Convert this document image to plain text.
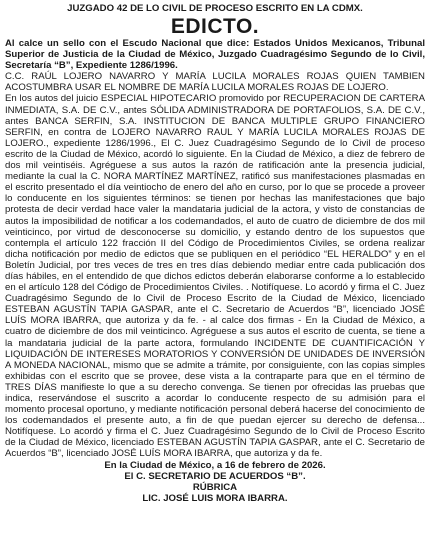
JUZGADO 42 DE LO CIVIL DE PROCESO ESCRITO EN LA CDMX.
EDICTO.

Al calce un sello con el Escudo Nacional que dice: Estados Unidos Mexicanos, Tribunal Superior de Justicia de la Ciudad de México, Juzgado Cuadragésimo Segundo de lo Civil, Secretaría “B”, Expediente 1286/1996.

C.C. RAÚL LOJERO NAVARRO Y MARÍA LUCILA MORALES ROJAS QUIEN TAMBIEN ACOSTUMBRA USAR EL NOMBRE DE MARÍA LUCILA MORALES ROJAS DE LOJERO.

En los autos del juicio ESPECIAL HIPOTECARIO promovido por RECUPERACION DE CARTERA INMEDIATA, S.A. DE C.V., antes SÓLIDA ADMINISTRADORA DE PORTAFOLIOS, S.A. DE C.V., antes BANCA SERFIN, S.A. INSTITUCION DE BANCA MULTIPLE GRUPO FINANCIERO SERFIN, en contra de LOJERO NAVARRO RAUL Y MARÍA LUCILA MORALES ROJAS DE LOJERO., expediente 1286/1996., El C. Juez Cuadragésimo Segundo de lo Civil de proceso escrito de la Ciudad de México, acordó lo siguiente. En la Ciudad de México, a diez de febrero de dos mil veintiséis. Agréguese a sus autos la razón de ratificación ante la presencia judicial, mediante la cual la C. NORA MARTÍNEZ MARTÍNEZ, ratificó sus manifestaciones plasmadas en el escrito presentado el día veintiocho de enero del año en curso, por lo que se procede a proveer lo conducente en los siguientes términos: se tienen por hechas las manifestaciones que bajo protesta de decir verdad hace valer la mandataria judicial de la actora, y visto de constancias de autos la imposibilidad de notificar a los codemandados, el auto de cuatro de diciembre de dos mil veinticinco, por virtud de desconocerse su domicilio, y estando dentro de los supuestos que contempla el artículo 122 fracción II del Código de Procedimientos Civiles, se ordena realizar dicha notificación por medio de edictos que se publiquen en el periódico “EL HERALDO” y en el Boletín Judicial, por tres veces de tres en tres días debiendo mediar entre cada publicación dos días hábiles, en el entendido de que dichos edictos deberán elaborarse conforme a lo establecido en el artículo 128 del Código de Procedimientos Civiles. . Notifíquese. Lo acordó y firma el C. Juez Cuadragésimo Segundo de lo Civil de Proceso Escrito de la Ciudad de México, licenciado ESTEBAN AGUSTÍN TAPIA GASPAR, ante el C. Secretario de Acuerdos “B”, licenciado JOSÉ LUÍS MORA IBARRA, que autoriza y da fe. - al calce dos firmas - En la Ciudad de México, a cuatro de diciembre de dos mil veinticinco. Agréguese a sus autos el escrito de cuenta, se tiene a la mandataria judicial de la parte actora, formulando INCIDENTE DE CUANTIFICACIÓN Y LIQUIDACIÓN DE INTERESES MORATORIOS Y CONVERSIÓN DE UNIDADES DE INVERSIÓN A MONEDA NACIONAL, mismo que se admite a trámite, por consiguiente, con las copias simples exhibidas con el escrito que se provee, dese vista a la contraparte para que en el término de TRES DÍAS manifieste lo que a su derecho convenga. Se tienen por ofrecidas las pruebas que indica, reservándose el suscrito a acordar lo conducente respecto de su admisión para el momento procesal oportuno, y mediante notificación personal deberá hacerse del conocimiento de los codemandados el presente auto, a fin de que puedan ejercer su derecho de defensa... Notifíquese. Lo acordó y firma el C. Juez Cuadragésimo Segundo de lo Civil de Proceso Escrito de la Ciudad de México, licenciado ESTEBAN AGUSTÍN TAPIA GASPAR, ante el C. Secretario de Acuerdos “B”, licenciado JOSÉ LUÍS MORA IBARRA, que autoriza y da fe.

En la Ciudad de México, a 16 de febrero de 2026.
El C. SECRETARIO DE ACUERDOS “B”.
RÚBRICA
LIC. JOSÉ LUIS MORA IBARRA.
